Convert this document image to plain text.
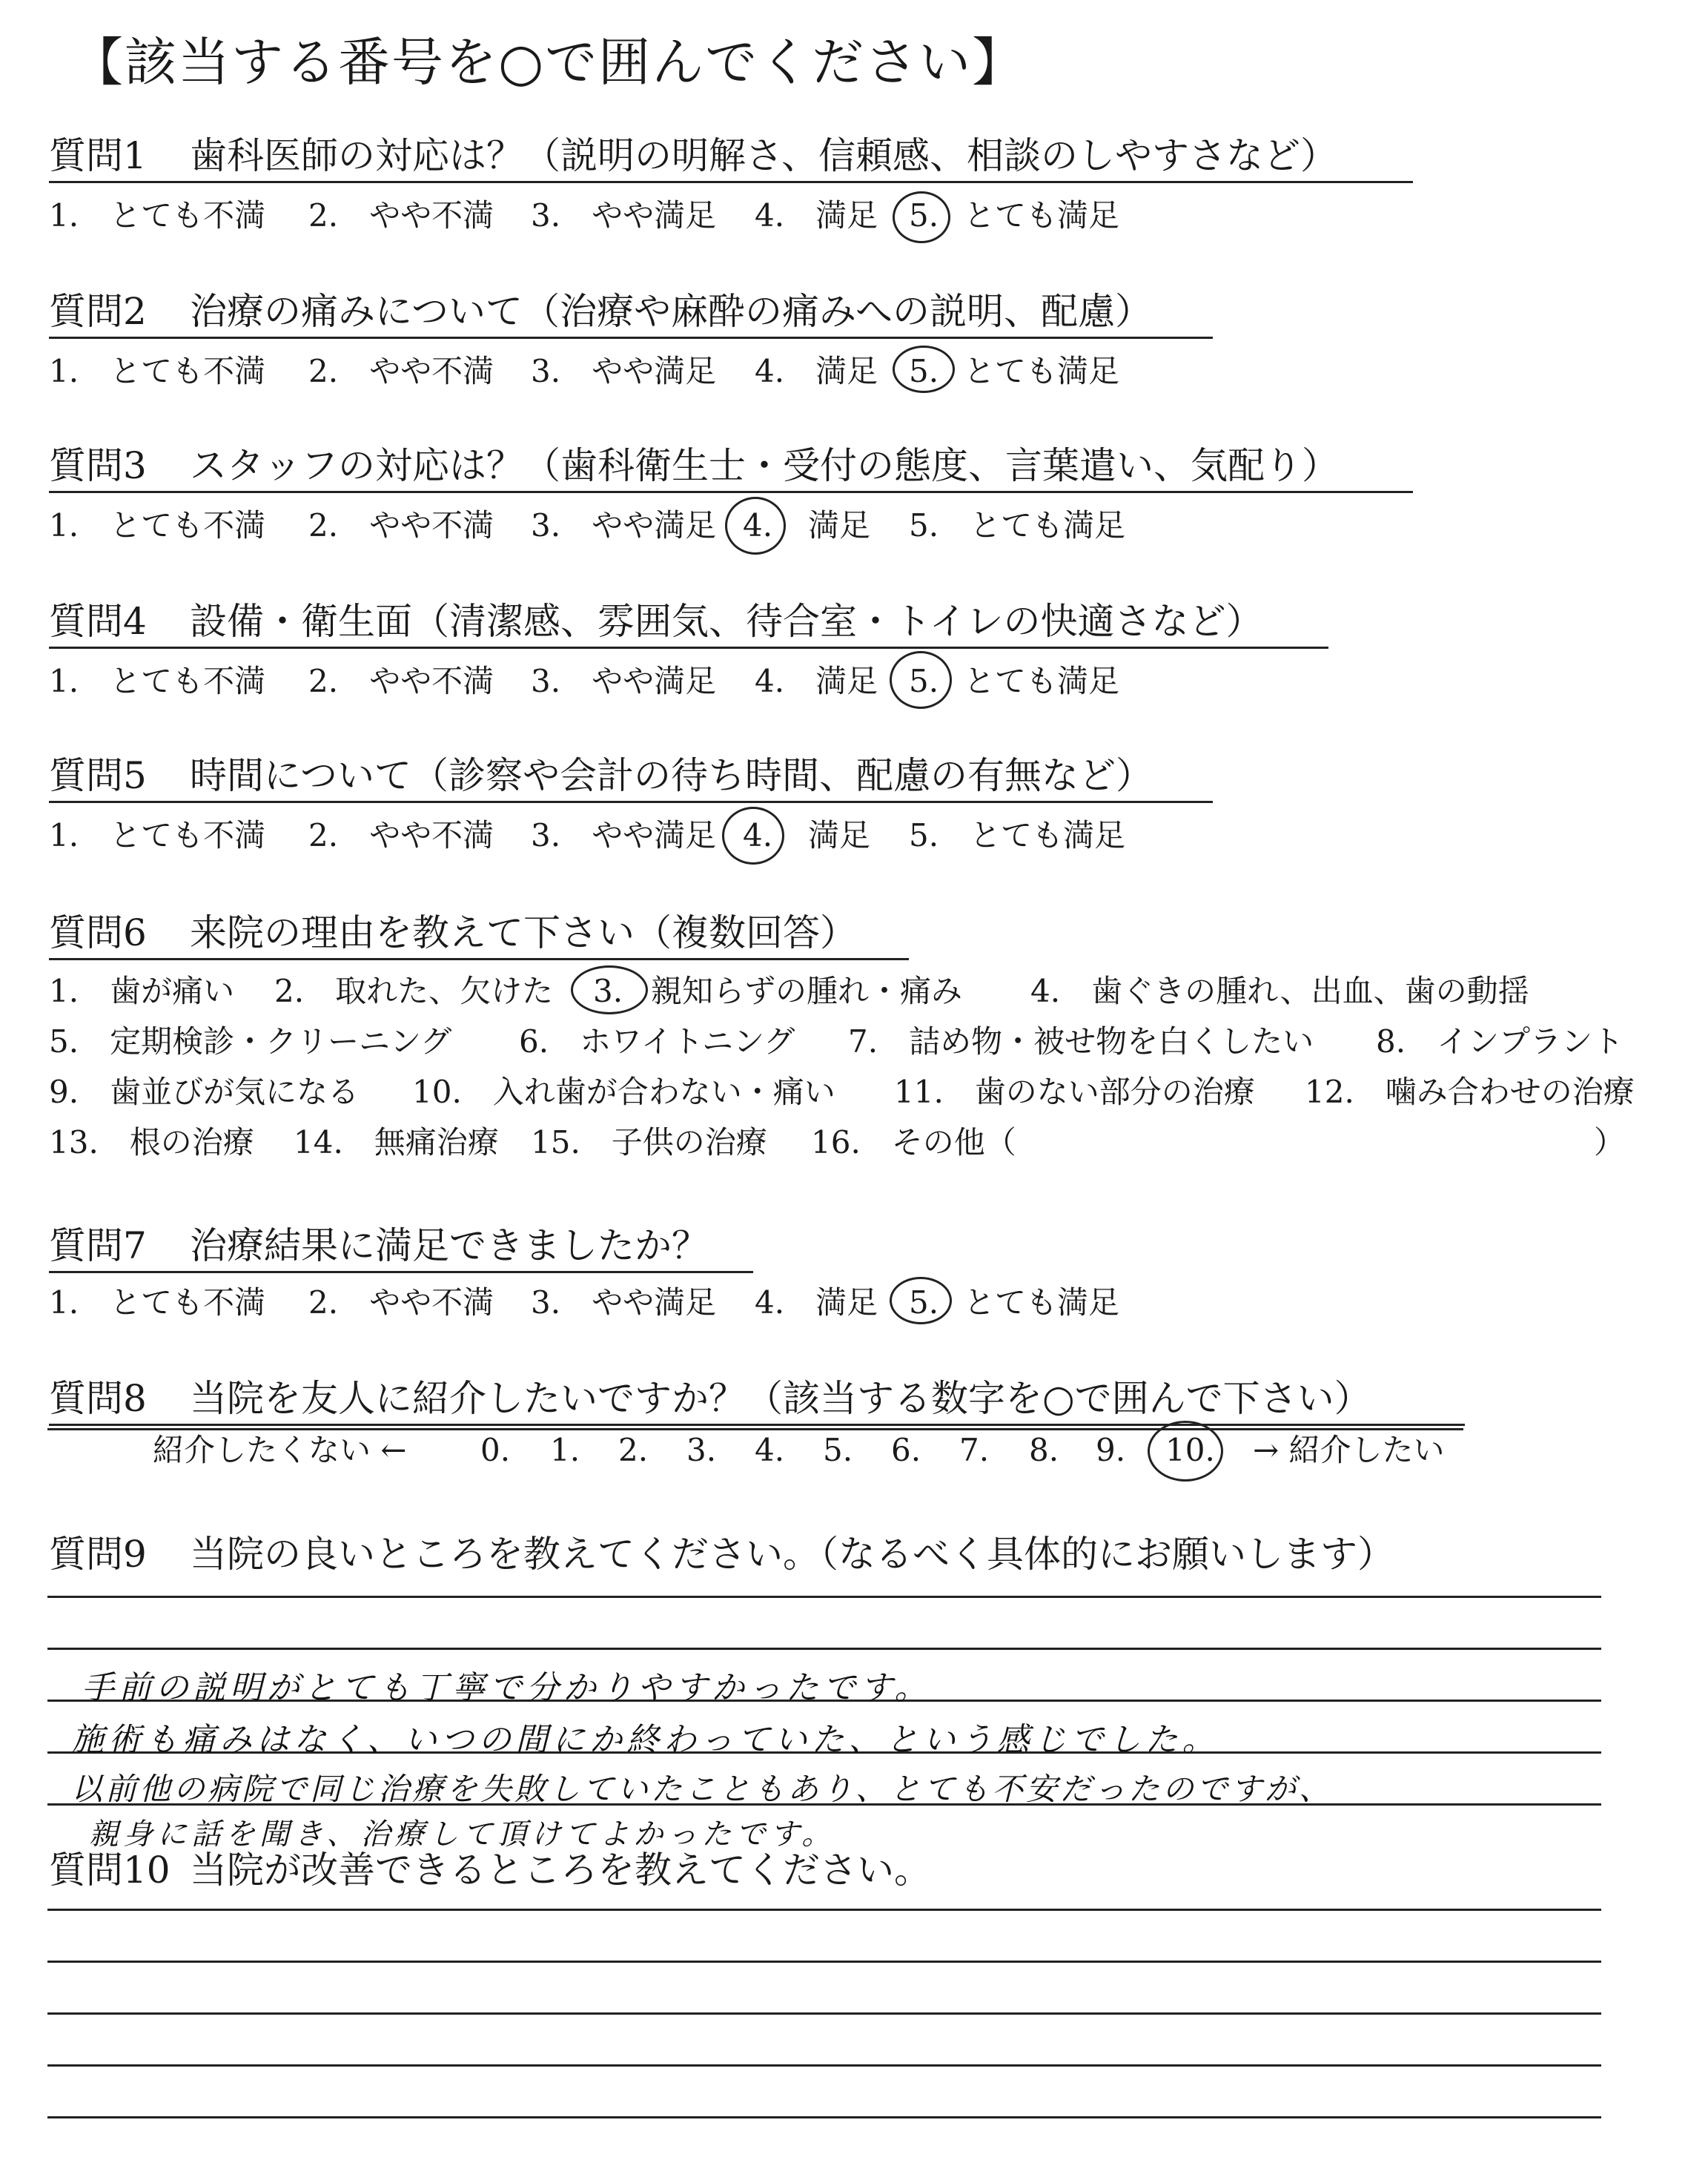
【該当する番号を○で囲んでください】
質問1 歯科医師の対応は？（説明の明解さ、信頼感、相談のしやすさなど）
1.　とても不満 2.　やや不満 3.　やや満足 4.　満足 5. とても満足
質問2 治療の痛みについて（治療や麻酔の痛みへの説明、配慮）
1.　とても不満 2.　やや不満 3.　やや満足 4.　満足 5. とても満足
質問3 スタッフの対応は？（歯科衛生士・受付の態度、言葉遣い、気配り）
1.　とても不満 2.　やや不満 3.　やや満足 4. 満足 5.　とても満足
質問4 設備・衛生面（清潔感、雰囲気、待合室・トイレの快適さなど）
1.　とても不満 2.　やや不満 3.　やや満足 4.　満足 5. とても満足
質問5 時間について（診察や会計の待ち時間、配慮の有無など）
1.　とても不満 2.　やや不満 3.　やや満足 4. 満足 5.　とても満足
質問6 来院の理由を教えて下さい（複数回答）
1.　歯が痛い 2.　取れた、欠けた 3. 親知らずの腫れ・痛み 4.　歯ぐきの腫れ、出血、歯の動揺
5.　定期検診・クリーニング 6.　ホワイトニング 7.　詰め物・被せ物を白くしたい 8.　インプラント
9.　歯並びが気になる 10.　入れ歯が合わない・痛い 11.　歯のない部分の治療 12.　噛み合わせの治療
13.　根の治療 14.　無痛治療 15.　子供の治療 16.　その他（	）
質問7 治療結果に満足できましたか？
1.　とても不満 2.　やや不満 3.　やや満足 4.　満足 5. とても満足
質問8 当院を友人に紹介したいですか？（該当する数字を○で囲んで下さい）
紹介したくない ← 0. 1. 2. 3. 4. 5. 6. 7. 8. 9. 10. → 紹介したい
質問9 当院の良いところを教えてください。（なるべく具体的にお願いします）
手前の説明がとても丁寧で分かりやすかったです。
施術も痛みはなく、いつの間にか終わっていた、という感じでした。
以前他の病院で同じ治療を失敗していたこともあり、とても不安だったのですが、
親身に話を聞き、治療して頂けてよかったです。
質問10 当院が改善できるところを教えてください。
